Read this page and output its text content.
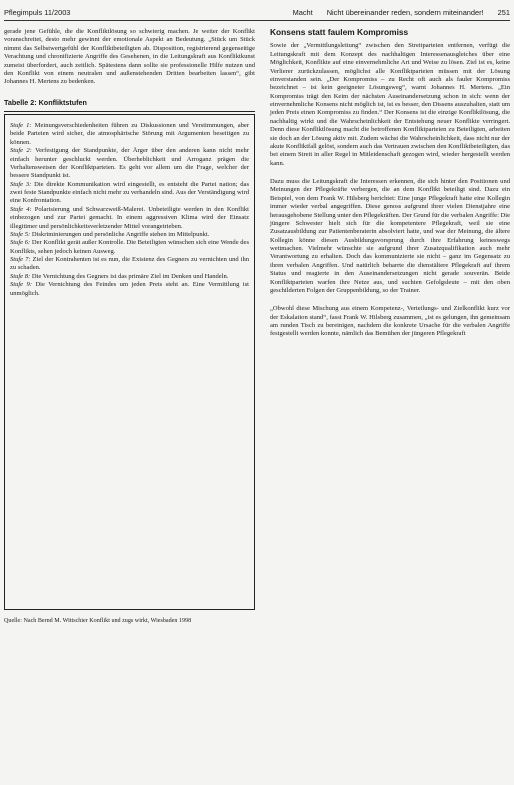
Pflegimpuls 11/2003	Macht Nicht übereinander reden, sondern miteinander! 251

gerade jene Gefühle, die die Konfliktlösung so schwierig machen. Je weiter der Konflikt voranschreitet, desto mehr gewinnt der emotionale Aspekt an Bedeutung. „Stück um Stück nimmt das Selbstwertgefühl der Konfliktbeteiligten ab. Disposition, registrierend gegenseitige Verachtung und chronifizierte Angriffe des Gesehenen, in die Leitungskraft aus Konfliktkunst zumeist überfordert, auch zeitlich. Spätestens dann sollte sie professionelle Hilfe nutzen und den Konflikt von einem neutralen und außenstehenden Dritten bearbeiten lassen“, gibt Johannes H. Mertens zu bedenken.

Tabelle 2: Konfliktstufen

Stufe 1: Meinungsverschiedenheiten führen zu Diskussionen und Verstimmungen, aber beide Parteien wird sicher, die atmosphärische Störung mit Argumenten beseitigen zu können.

Stufe 2: Verfestigung der Standpunkte, der Ärger über den anderen kann nicht mehr einfach herunter geschluckt werden. Überheblichkeit und Arroganz prägen die Verhaltensweisen der Konfliktparteien. Es geht vor allem um die Frage, welcher der bessere Standpunkt ist.

Stufe 3: Die direkte Kommunikation wird eingestellt, es entsteht die Partei nation; das zwei feste Standpunkte einfach nicht mehr zu verhandeln sind. Aus der Verständigung wird eine Konfrontation.

Stufe 4: Polarisierung und Schwarzweiß-Malerei. Unbeteiligte werden in den Konflikt einbezogen und zur Partei gemacht. In einem aggressiven Klima wird der Einsatz illegitimer und persönlichkeitsverletzender Mittel vorangetrieben.

Stufe 5: Diskriminierungen und persönliche Angriffe stehen im Mittelpunkt.

Stufe 6: Der Konflikt gerät außer Kontrolle. Die Beteiligten wünschen sich eine Wende des Konflikts, sehen jedoch keinen Ausweg.

Stufe 7: Ziel der Kontrahenten ist es nun, die Existenz des Gegners zu vernichten und ihn zu schaden.

Stufe 8: Die Vernichtung des Gegners ist das primäre Ziel im Denken und Handeln.

Stufe 9: Die Vernichtung des Feindes um jeden Preis steht an. Eine Vermittlung ist unmöglich.

Quelle: Nach Bernd M. Wittschier Konflikt und zugs wirkt, Wiesbaden 1998
Konsens statt faulem Kompromiss

Sowie der „Vermittlungsleitung“ zwischen den Streitparteien entfernen, verfügt die Leitungskraft mit dem Konzept des nachhaltigen Interessenausgleiches über eine Möglichkeit, Konflikte auf eine einvernehmliche Art und Weise zu lösen. Ziel ist es, keine Verlierer zurückzulassen, möglichst alle Konfliktparteien müssen mit der Lösung einverstanden sein. „Der Kompromiss – zu Recht oft auch als fauler Kompromiss bezeichnet – ist kein geeigneter Lösungsweg“, warnt Johannes H. Mertens. „Ein Kompromiss trägt den Keim der nächsten Auseinandersetzung schon in sich: wenn der einvernehmliche Konsens nicht möglich ist, ist es besser, den Dissens auszuhalten, statt um jeden Preis einen Kompromiss zu finden.“ Der Konsens ist die einzige Konfliktlösung, die nachhaltig wirkt und die Wahrscheinlichkeit der Entstehung neuer Konflikte verringert. Denn diese Konfliktlösung macht die betroffenen Konfliktparteien zu Beteiligten, arbeiten sie doch an der Lösung aktiv mit. Zudem wächst die Wahrscheinlichkeit, dass nicht nur der akute Konfliktfall gelöst, sondern auch das Vertrauen zwischen den Konfliktbeteiligten, das bei einem Streit in aller Regel in Mitleidenschaft gezogen wird, wieder hergestellt werden kann.

Dazu muss die Leitungskraft die Interessen erkennen, die sich hinter den Positionen und Meinungen der Pflegekräfte verbergen, die an dem Konflikt beteiligt sind. Dazu ein Beispiel, von dem Frank W. Hilsberg berichtet: Eine junge Pflegekraft hatte eine Kollegin immer wieder verbal angegriffen. Diese genoss aufgrund ihrer vielen Dienstjahre eine herausgehobene Stellung unter den Pflegekräften. Der Grund für die verbalen Angriffe: Die jüngere Schwester hielt sich für die kompetentere Pflegekraft, weil sie eine Zusatzausbildung zur Patientenberaterin absolviert hatte, und war der Meinung, die ältere Kollegin könne diesen Ausbildungsvorsprung durch ihre Erfahrung keineswegs wettmachen. Vielmehr wünschte sie aufgrund ihrer Zusatzqualifikation auch mehr Verantwortung zu erhalten. Doch das kommunizierte sie nicht – ganz im Gegensatz zu ihren verbalen Angriffen. Und natürlich beharrte die dienstältere Pflegekraft auf ihrem Status und reagierte in den Auseinandersetzungen nicht gerade souverän. Beide Konfliktparteien warfen ihre Netze aus, und suchten Gefolgsleute – mit den oben geschilderten Folgen der Gruppenbildung, so der Trainer.

„Obwohl diese Mischung aus einem Kompetenz-, Verteilungs- und Zielkonflikt kurz vor der Eskalation stand“, fasst Frank W. Hilsberg zusammen, „ist es gelungen, ihn gemeinsam am runden Tisch zu bereinigen, nachdem die konkrete Ursache für die verbalen Angriffe festgestellt werden konnte, nämlich das Bemühen der jüngeren Pflegekraft
